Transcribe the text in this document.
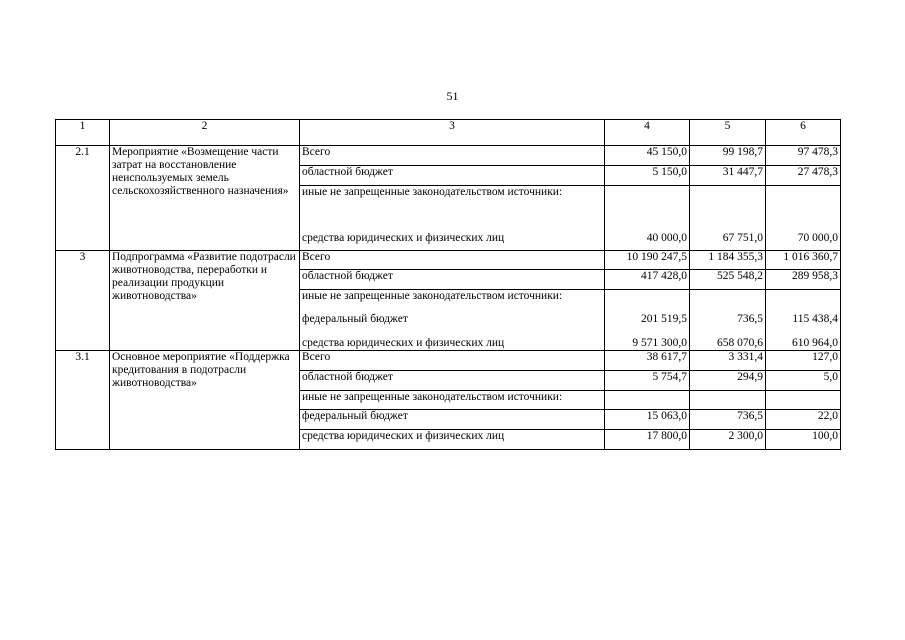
51
1	2	3	4	5	6
2.1	Мероприятие «Возмещение части затрат на восстановление неиспользуемых земель сельскохозяйственного назначения»	Всего	45 150,0	99 198,7	97 478,3
		областной бюджет	5 150,0	31 447,7	27 478,3
		иные не запрещенные законодательством источники:			
		средства юридических и физических лиц	40 000,0	67 751,0	70 000,0
3	Подпрограмма «Развитие подотрасли животноводства, переработки и реализации продукции животноводства»	Всего	10 190 247,5	1 184 355,3	1 016 360,7
		областной бюджет	417 428,0	525 548,2	289 958,3
		иные не запрещенные законодательством источники:			
		федеральный бюджет	201 519,5	736,5	115 438,4
		средства юридических и физических лиц	9 571 300,0	658 070,6	610 964,0
3.1	Основное мероприятие «Поддержка кредитования в подотрасли животноводства»	Всего	38 617,7	3 331,4	127,0
		областной бюджет	5 754,7	294,9	5,0
		иные не запрещенные законодательством источники:			
		федеральный бюджет	15 063,0	736,5	22,0
		средства юридических и физических лиц	17 800,0	2 300,0	100,0
